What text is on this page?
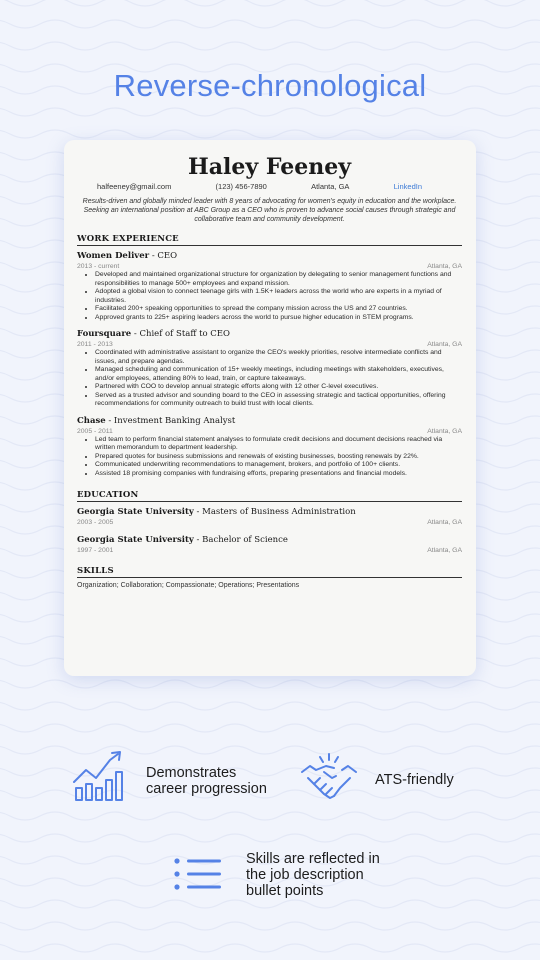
Reverse-chronological
Haley Feeney
halfeeney@gmail.com	(123) 456-7890	Atlanta, GA	LinkedIn
Results-driven and globally minded leader with 8 years of advocating for women's equity in education and the workplace. Seeking an international position at ABC Group as a CEO who is proven to advance social causes through strategic and collaborative team and community development.
WORK EXPERIENCE
Women Deliver - CEO
2013 - current	Atlanta, GA
• Developed and maintained organizational structure for organization by delegating to senior management functions and responsibilities to manage 500+ employees and expand mission.
• Adopted a global vision to connect teenage girls with 1.5K+ leaders across the world who are experts in a myriad of industries.
• Facilitated 200+ speaking opportunities to spread the company mission across the US and 27 countries.
• Approved grants to 225+ aspiring leaders across the world to pursue higher education in STEM programs.
Foursquare - Chief of Staff to CEO
2011 - 2013	Atlanta, GA
• Coordinated with administrative assistant to organize the CEO's weekly priorities, resolve intermediate conflicts and issues, and prepare agendas.
• Managed scheduling and communication of 15+ weekly meetings, including meetings with stakeholders, executives, and/or employees, attending 80% to lead, train, or capture takeaways.
• Partnered with COO to develop annual strategic efforts along with 12 other C-level executives.
• Served as a trusted advisor and sounding board to the CEO in assessing strategic and tactical opportunities, offering recommendations for community outreach to build trust with local clients.
Chase - Investment Banking Analyst
2005 - 2011	Atlanta, GA
• Led team to perform financial statement analyses to formulate credit decisions and document decisions reached via written memorandum to department leadership.
• Prepared quotes for business submissions and renewals of existing businesses, boosting renewals by 22%.
• Communicated underwriting recommendations to management, brokers, and portfolio of 100+ clients.
• Assisted 18 promising companies with fundraising efforts, preparing presentations and financial models.
EDUCATION
Georgia State University - Masters of Business Administration
2003 - 2005	Atlanta, GA
Georgia State University - Bachelor of Science
1997 - 2001	Atlanta, GA
SKILLS
Organization; Collaboration; Compassionate; Operations; Presentations
Demonstrates
career progression
ATS-friendly
Skills are reflected in
the job description
bullet points
